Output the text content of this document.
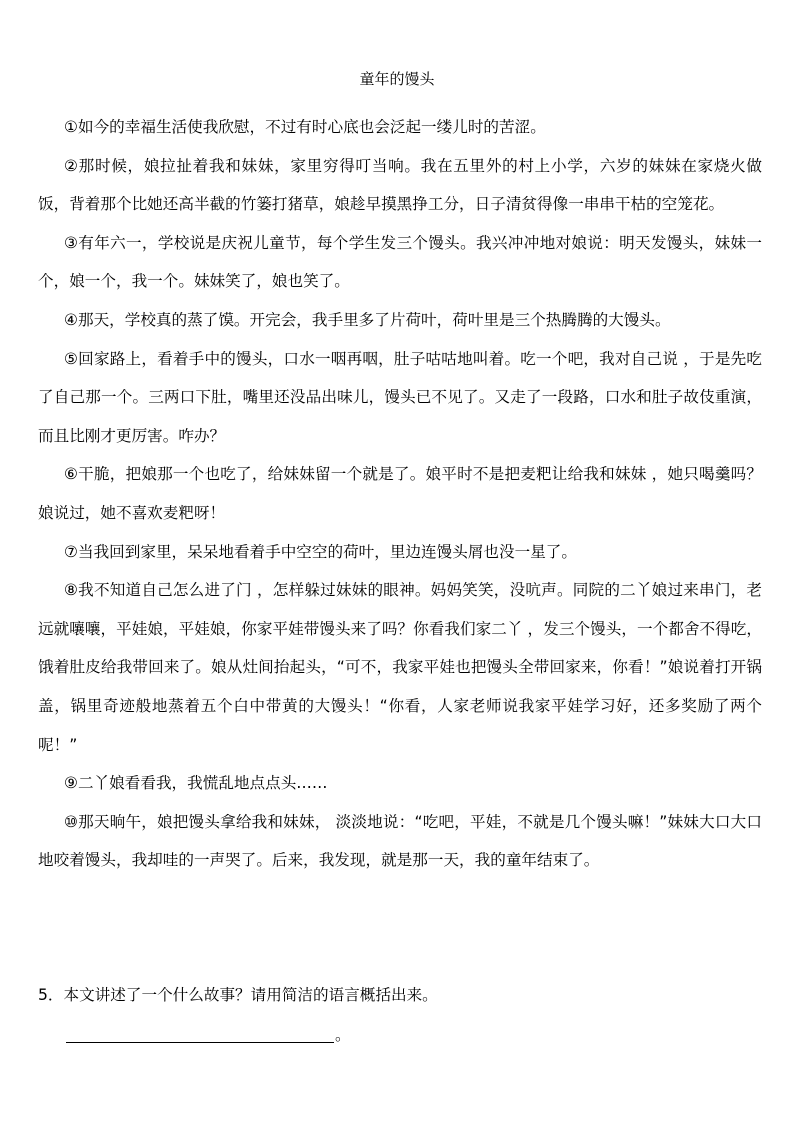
童年的馒头

①如今的幸福生活使我欣慰，不过有时心底也会泛起一缕儿时的苦涩。

②那时候，娘拉扯着我和妹妹，家里穷得叮当响。我在五里外的村上小学，六岁的妹妹在家烧火做饭，背着那个比她还高半截的竹篓打猪草，娘趁早摸黑挣工分，日子清贫得像一串串干枯的空笼花。

③有年六一，学校说是庆祝儿童节，每个学生发三个馒头。我兴冲冲地对娘说：明天发馒头，妹妹一个，娘一个，我一个。妹妹笑了，娘也笑了。

④那天，学校真的蒸了馍。开完会，我手里多了片荷叶，荷叶里是三个热腾腾的大馒头。

⑤回家路上，看着手中的馒头，口水一咽再咽，肚子咕咕地叫着。吃一个吧，我对自己说 ，于是先吃了自己那一个。三两口下肚，嘴里还没品出味儿，馒头已不见了。又走了一段路，口水和肚子故伎重演，而且比刚才更厉害。咋办？

⑥干脆，把娘那一个也吃了，给妹妹留一个就是了。娘平时不是把麦粑让给我和妹妹 ，她只喝羹吗？娘说过，她不喜欢麦粑呀！

⑦当我回到家里，呆呆地看着手中空空的荷叶，里边连馒头屑也没一星了。

⑧我不知道自己怎么进了门 ，怎样躲过妹妹的眼神。妈妈笑笑，没吭声。同院的二丫娘过来串门，老远就嚷嚷，平娃娘，平娃娘，你家平娃带馒头来了吗？你看我们家二丫 ，发三个馒头，一个都舍不得吃，饿着肚皮给我带回来了。娘从灶间抬起头，“可不，我家平娃也把馒头全带回家来，你看！”娘说着打开锅盖，锅里奇迹般地蒸着五个白中带黄的大馒头！“你看，人家老师说我家平娃学习好，还多奖励了两个呢！”

⑨二丫娘看看我，我慌乱地点点头……

⑩那天晌午，娘把馒头拿给我和妹妹， 淡淡地说：“吃吧，平娃，不就是几个馒头嘛！”妹妹大口大口地咬着馒头，我却哇的一声哭了。后来，我发现，就是那一天，我的童年结束了。

5．本文讲述了一个什么故事？请用简洁的语言概括出来。
。
